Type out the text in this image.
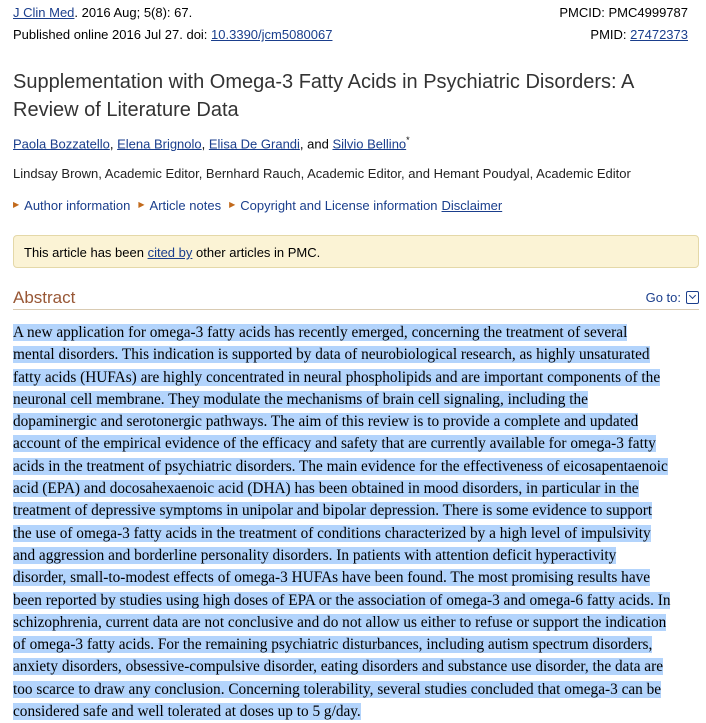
J Clin Med. 2016 Aug; 5(8): 67.	PMCID: PMC4999787
Published online 2016 Jul 27. doi: 10.3390/jcm5080067	PMID: 27472373
Supplementation with Omega-3 Fatty Acids in Psychiatric Disorders: A Review of Literature Data
Paola Bozzatello, Elena Brignolo, Elisa De Grandi, and Silvio Bellino*
Lindsay Brown, Academic Editor, Bernhard Rauch, Academic Editor, and Hemant Poudyal, Academic Editor
▶ Author information ▶ Article notes ▶ Copyright and License information Disclaimer
This article has been cited by other articles in PMC.
Abstract	Go to:
A new application for omega-3 fatty acids has recently emerged, concerning the treatment of several
mental disorders. This indication is supported by data of neurobiological research, as highly unsaturated
fatty acids (HUFAs) are highly concentrated in neural phospholipids and are important components of the
neuronal cell membrane. They modulate the mechanisms of brain cell signaling, including the
dopaminergic and serotonergic pathways. The aim of this review is to provide a complete and updated
account of the empirical evidence of the efficacy and safety that are currently available for omega-3 fatty
acids in the treatment of psychiatric disorders. The main evidence for the effectiveness of eicosapentaenoic
acid (EPA) and docosahexaenoic acid (DHA) has been obtained in mood disorders, in particular in the
treatment of depressive symptoms in unipolar and bipolar depression. There is some evidence to support
the use of omega-3 fatty acids in the treatment of conditions characterized by a high level of impulsivity
and aggression and borderline personality disorders. In patients with attention deficit hyperactivity
disorder, small-to-modest effects of omega-3 HUFAs have been found. The most promising results have
been reported by studies using high doses of EPA or the association of omega-3 and omega-6 fatty acids. In
schizophrenia, current data are not conclusive and do not allow us either to refuse or support the indication
of omega-3 fatty acids. For the remaining psychiatric disturbances, including autism spectrum disorders,
anxiety disorders, obsessive-compulsive disorder, eating disorders and substance use disorder, the data are
too scarce to draw any conclusion. Concerning tolerability, several studies concluded that omega-3 can be
considered safe and well tolerated at doses up to 5 g/day.
